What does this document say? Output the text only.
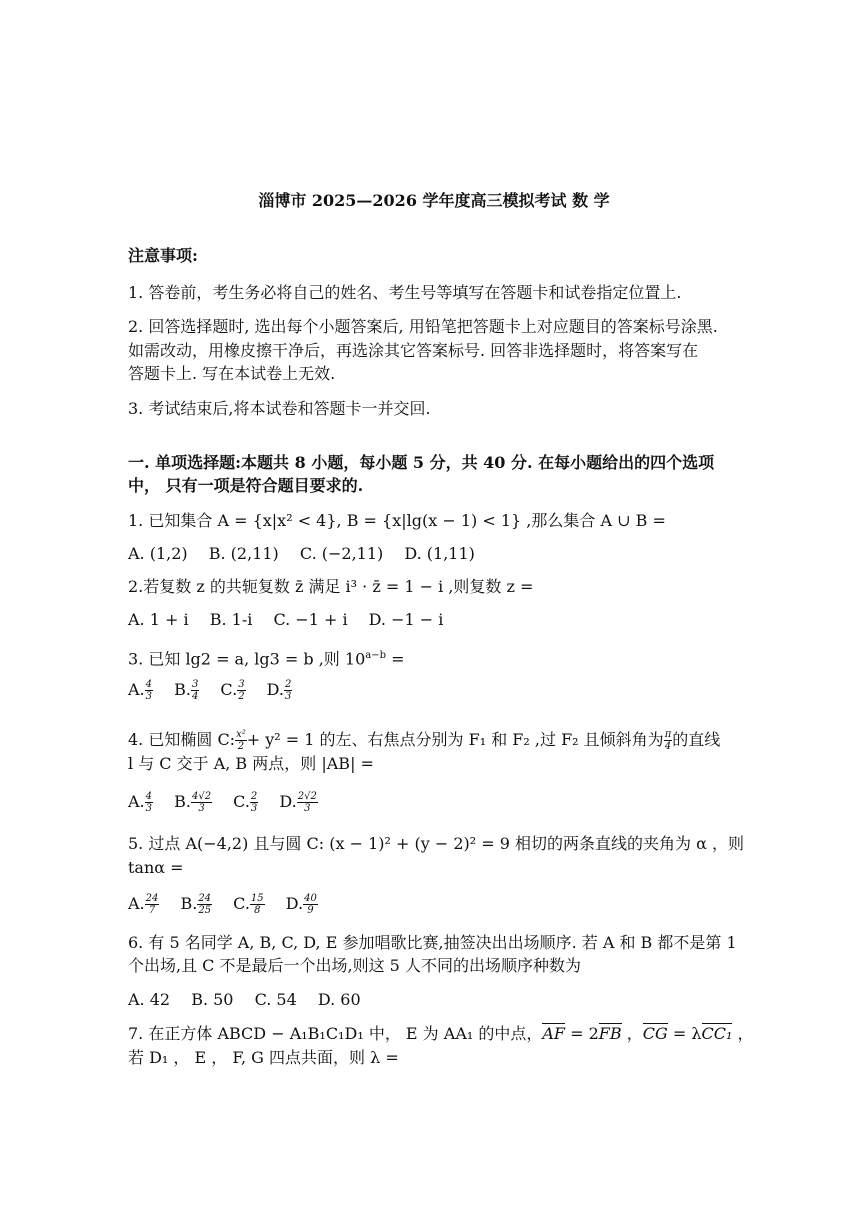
淄博市 2025—2026 学年度高三模拟考试 数 学
注意事项:
1. 答卷前，考生务必将自己的姓名、考生号等填写在答题卡和试卷指定位置上.
2. 回答选择题时, 选出每个小题答案后, 用铅笔把答题卡上对应题目的答案标号涂黑.
如需改动，用橡皮擦干净后，再选涂其它答案标号. 回答非选择题时，将答案写在
答题卡上. 写在本试卷上无效.
3. 考试结束后,将本试卷和答题卡一并交回.
一. 单项选择题:本题共 8 小题，每小题 5 分，共 40 分. 在每小题给出的四个选项
中， 只有一项是符合题目要求的.
1. 已知集合 A = {x|x² < 4}, B = {x|lg(x − 1) < 1} ,那么集合 A ∪ B =
A. (1,2) B. (2,11) C. (−2,11) D. (1,11)
2.若复数 z 的共轭复数 z̄ 满足 i³ · z̄ = 1 − i ,则复数 z =
A. 1 + i B. 1-i C. −1 + i D. −1 − i
3. 已知 lg2 = a, lg3 = b ,则 $10^{a-b}$ =
A. $\frac{4}{3} B$. $\frac{3}{4} C$. $\frac{3}{2} D$. $\frac{2}{3}$
4. 已知椭圆 C: $\frac{\text{x²}}{2} + y^2 = 1$ 的左、右焦点分别为 F₁ 和 F₂ ,过 F₂ 且倾斜角为 $\frac{\pi}{4}$ 的直线
l 与 C 交于 A, B 两点，则 |AB| =
A. $\frac{4}{3} B$. $\frac{4√2}{3} C$. $\frac{2}{3} D$. $\frac{2√2}{3}$
5. 过点 A(−4,2) 且与圆 C: (x − 1)² + (y − 2)² = 9 相切的两条直线的夹角为 α ，则
tanα =
A. $\frac{24}{7} B$. $\frac{24}{25} C$. $\frac{15}{8} D$. $\frac{40}{9}$
6. 有 5 名同学 A, B, C, D, E 参加唱歌比赛,抽签决出出场顺序. 若 A 和 B 都不是第 1
个出场,且 C 不是最后一个出场,则这 5 人不同的出场顺序种数为
A. 42 B. 50 C. 54 D. 60
7. 在正方体 ABCD − A₁B₁C₁D₁ 中， E 为 AA₁ 的中点，AF = 2FB ，CG = λCC₁ ，
若 D₁ ， E ， F, G 四点共面，则 λ =
